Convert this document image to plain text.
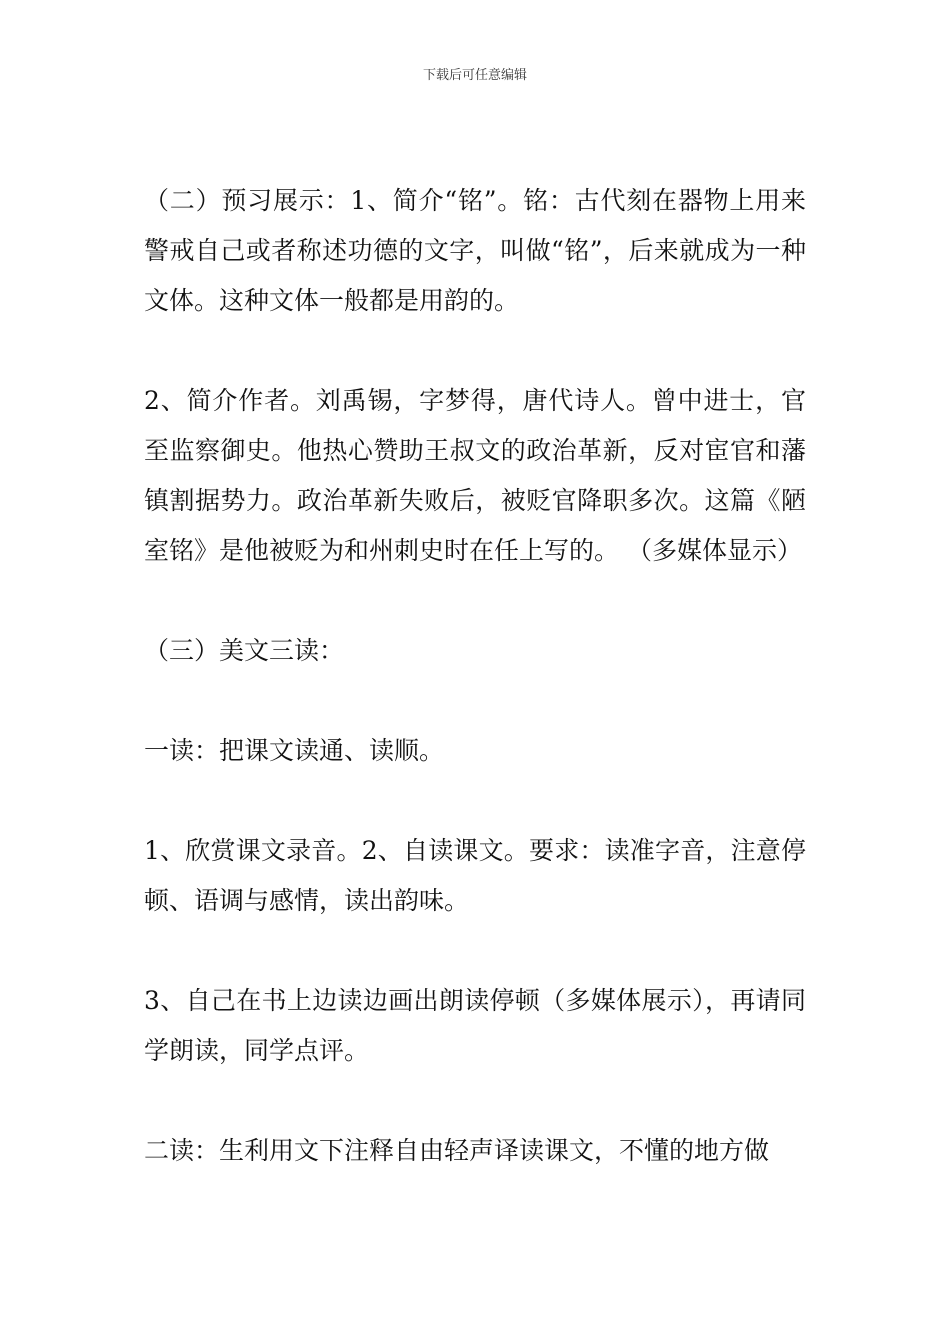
下载后可任意编辑

（二）预习展示：1、简介“铭”。铭：古代刻在器物上用来警戒自己或者称述功德的文字，叫做“铭”，后来就成为一种文体。这种文体一般都是用韵的。

2、简介作者。刘禹锡，字梦得，唐代诗人。曾中进士，官至监察御史。他热心赞助王叔文的政治革新，反对宦官和藩镇割据势力。政治革新失败后，被贬官降职多次。这篇《陋室铭》是他被贬为和州刺史时在任上写的。 （多媒体显示）

（三）美文三读：

一读：把课文读通、读顺。

1、欣赏课文录音。2、自读课文。要求：读准字音，注意停顿、语调与感情，读出韵味。

3、自己在书上边读边画出朗读停顿（多媒体展示），再请同学朗读，同学点评。

二读：生利用文下注释自由轻声译读课文，不懂的地方做
